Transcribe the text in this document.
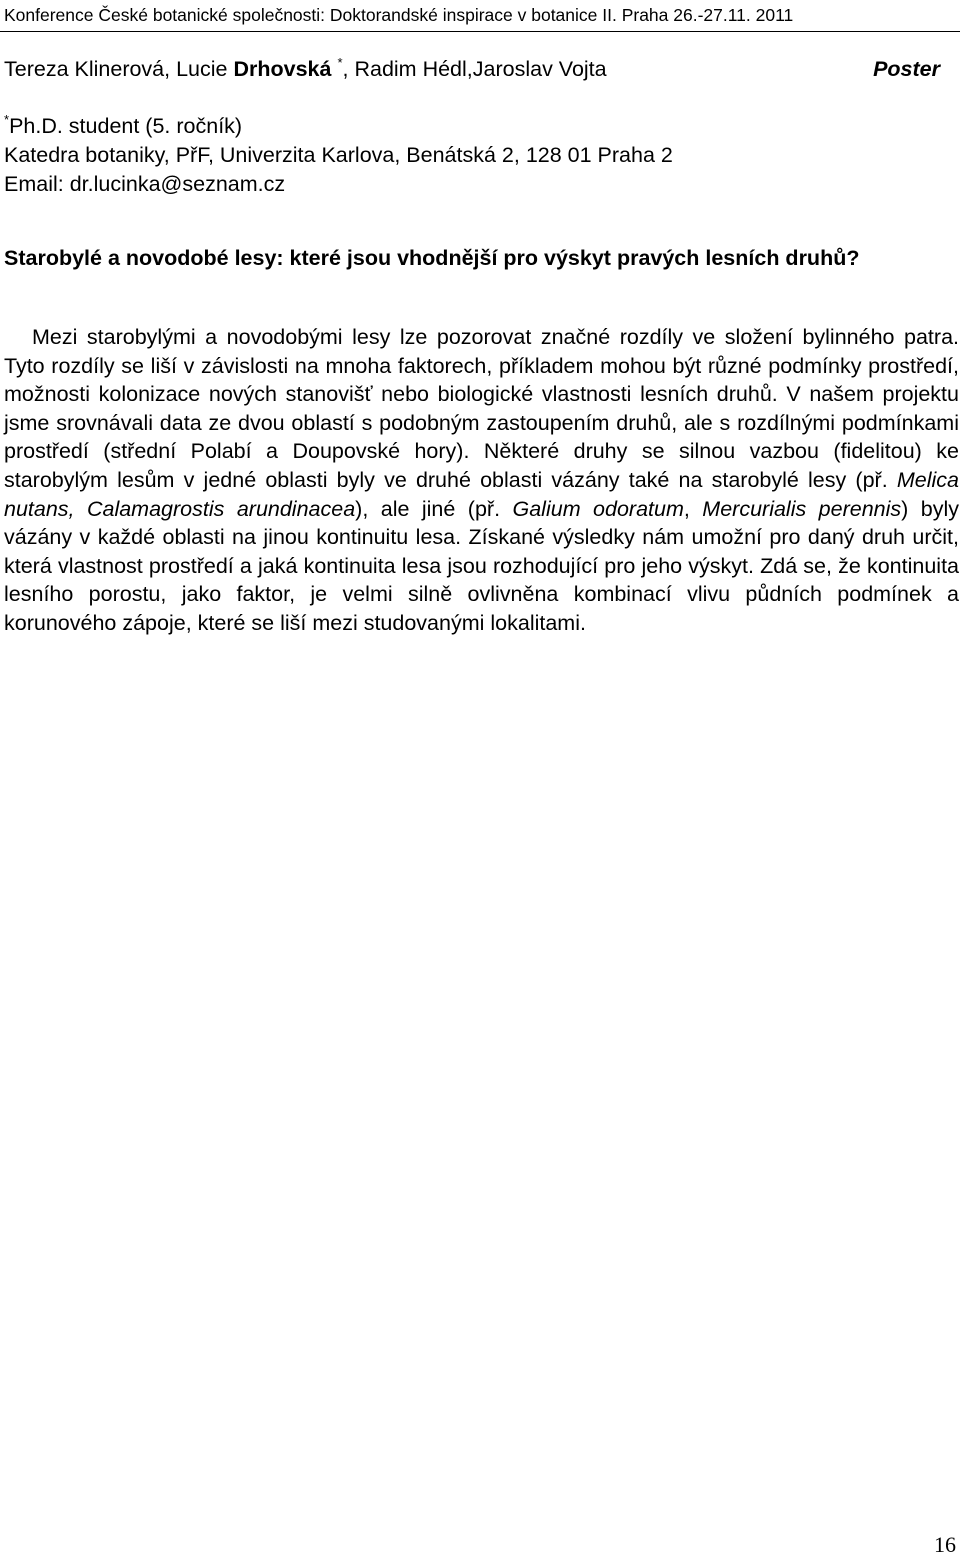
Konference České botanické společnosti: Doktorandské inspirace v botanice II. Praha 26.-27.11. 2011
Tereza Klinerová, Lucie Drhovská *, Radim Hédl,Jaroslav Vojta	Poster
*Ph.D. student (5. ročník)
Katedra botaniky, PřF, Univerzita Karlova, Benátská 2, 128 01 Praha 2
Email: dr.lucinka@seznam.cz
Starobylé a novodobé lesy: které jsou vhodnější pro výskyt pravých lesních druhů?
Mezi starobylými a novodobými lesy lze pozorovat značné rozdíly ve složení bylinného patra. Tyto rozdíly se liší v závislosti na mnoha faktorech, příkladem mohou být různé podmínky prostředí, možnosti kolonizace nových stanovišť nebo biologické vlastnosti lesních druhů. V našem projektu jsme srovnávali data ze dvou oblastí s podobným zastoupením druhů, ale s rozdílnými podmínkami prostředí (střední Polabí a Doupovské hory). Některé druhy se silnou vazbou (fidelitou) ke starobylým lesům v jedné oblasti byly ve druhé oblasti vázány také na starobylé lesy (př. Melica nutans, Calamagrostis arundinacea), ale jiné (př. Galium odoratum, Mercurialis perennis) byly vázány v každé oblasti na jinou kontinuitu lesa. Získané výsledky nám umožní pro daný druh určit, která vlastnost prostředí a jaká kontinuita lesa jsou rozhodující pro jeho výskyt. Zdá se, že kontinuita lesního porostu, jako faktor, je velmi silně ovlivněna kombinací vlivu půdních podmínek a korunového zápoje, které se liší mezi studovanými lokalitami.
16
